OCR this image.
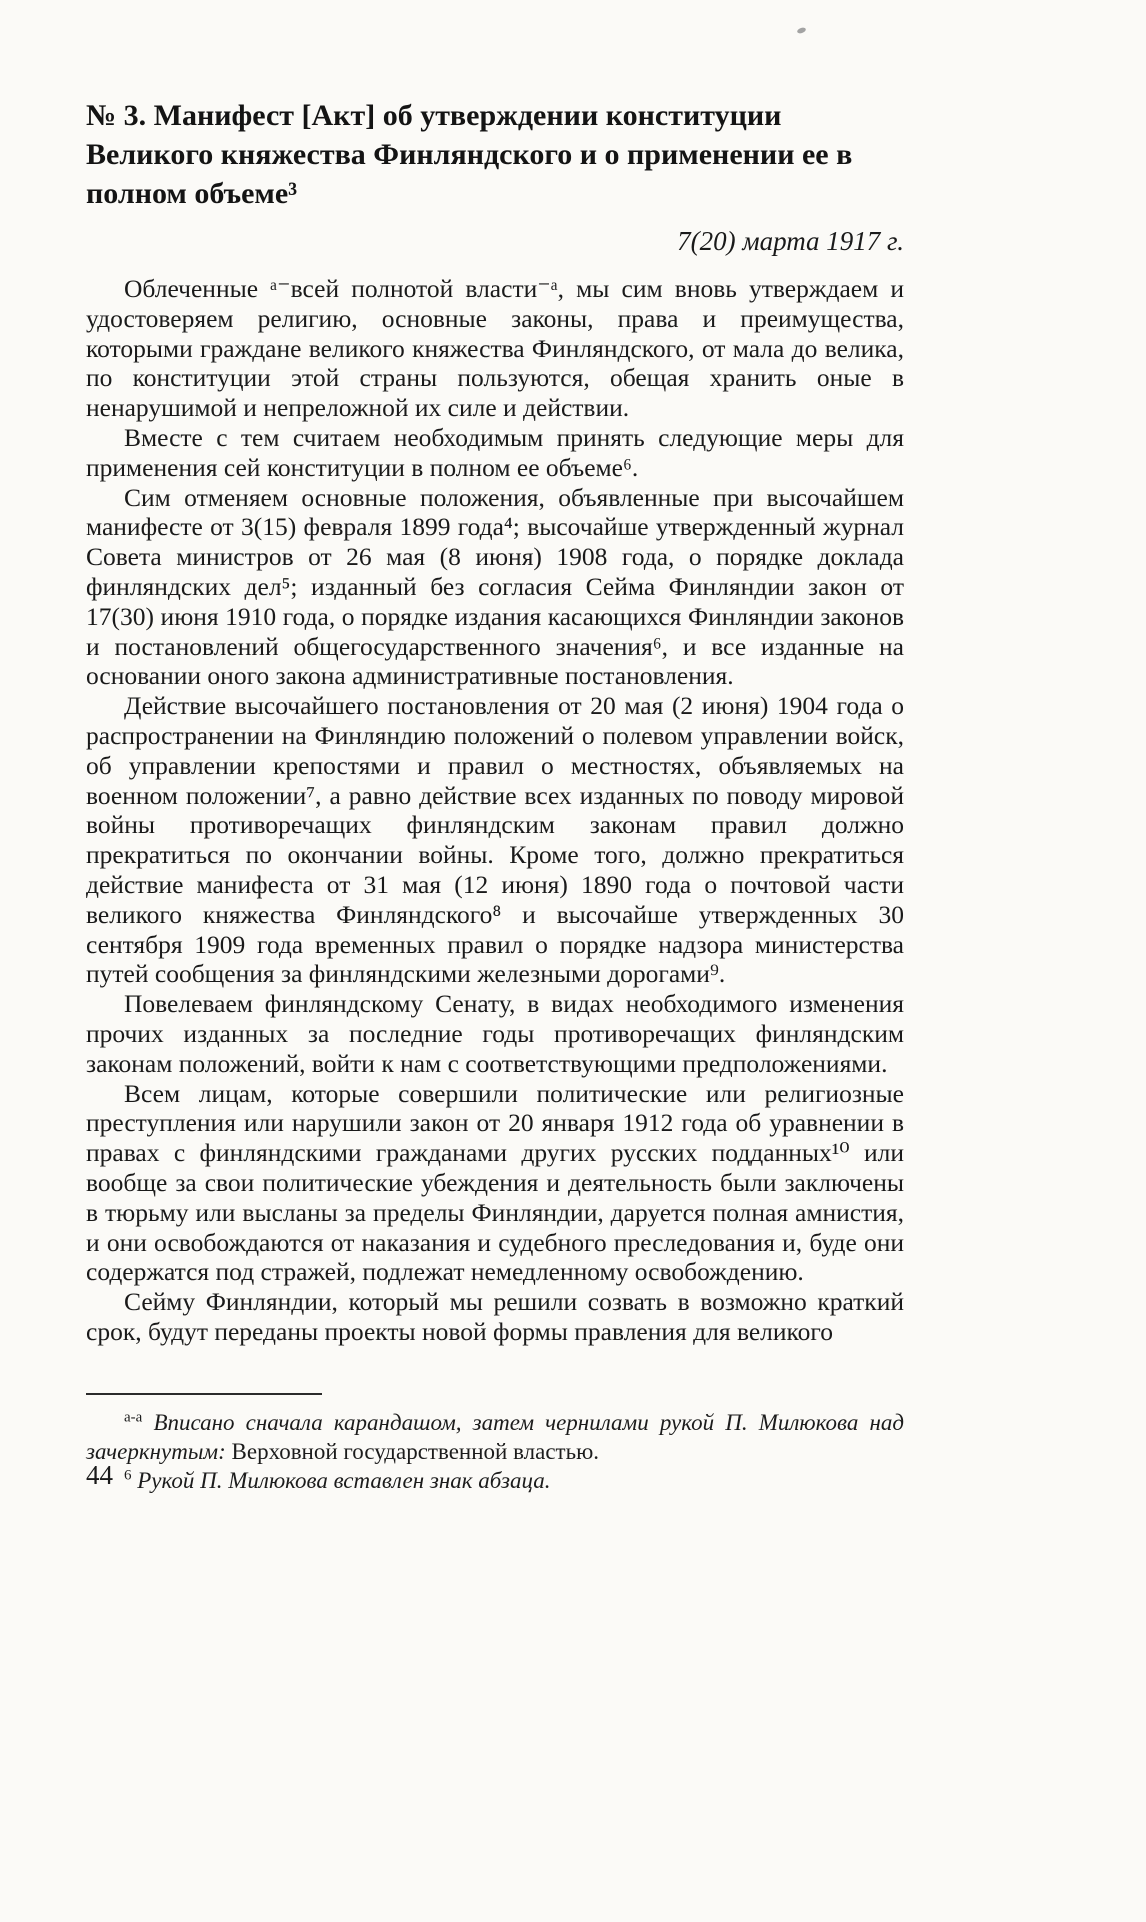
№ 3. Манифест [Акт] об утверждении конституции Великого княжества Финляндского и о применении ее в полном объеме³
7(20) марта 1917 г.

Облеченные ᵃ⁻всей полнотой власти⁻ᵃ, мы сим вновь утверждаем и удостоверяем религию, основные законы, права и преимущества, которыми граждане великого княжества Финляндского, от мала до велика, по конституции этой страны пользуются, обещая хранить оные в ненарушимой и непреложной их силе и действии.

Вместе с тем считаем необходимым принять следующие меры для применения сей конституции в полном ее объеме⁶.

Сим отменяем основные положения, объявленные при высочайшем манифесте от 3(15) февраля 1899 года⁴; высочайше утвержденный журнал Совета министров от 26 мая (8 июня) 1908 года, о порядке доклада финляндских дел⁵; изданный без согласия Сейма Финляндии закон от 17(30) июня 1910 года, о порядке издания касающихся Финляндии законов и постановлений общегосударственного значения⁶, и все изданные на основании оного закона административные постановления.

Действие высочайшего постановления от 20 мая (2 июня) 1904 года о распространении на Финляндию положений о полевом управлении войск, об управлении крепостями и правил о местностях, объявляемых на военном положении⁷, а равно действие всех изданных по поводу мировой войны противоречащих финляндским законам правил должно прекратиться по окончании войны. Кроме того, должно прекратиться действие манифеста от 31 мая (12 июня) 1890 года о почтовой части великого княжества Финляндского⁸ и высочайше утвержденных 30 сентября 1909 года временных правил о порядке надзора министерства путей сообщения за финляндскими железными дорогами⁹.

Повелеваем финляндскому Сенату, в видах необходимого изменения прочих изданных за последние годы противоречащих финляндским законам положений, войти к нам с соответствующими предположениями.

Всем лицам, которые совершили политические или религиозные преступления или нарушили закон от 20 января 1912 года об уравнении в правах с финляндскими гражданами других русских подданных¹⁰ или вообще за свои политические убеждения и деятельность были заключены в тюрьму или высланы за пределы Финляндии, даруется полная амнистия, и они освобождаются от наказания и судебного преследования и, буде они содержатся под стражей, подлежат немедленному освобождению.

Сейму Финляндии, который мы решили созвать в возможно краткий срок, будут переданы проекты новой формы правления для великого

$^{а-а}$ Вписано сначала карандашом, затем чернилами рукой П. Милюкова над зачеркнутым: Верховной государственной властью.

$^6$ Рукой П. Милюкова вставлен знак абзаца.

44
